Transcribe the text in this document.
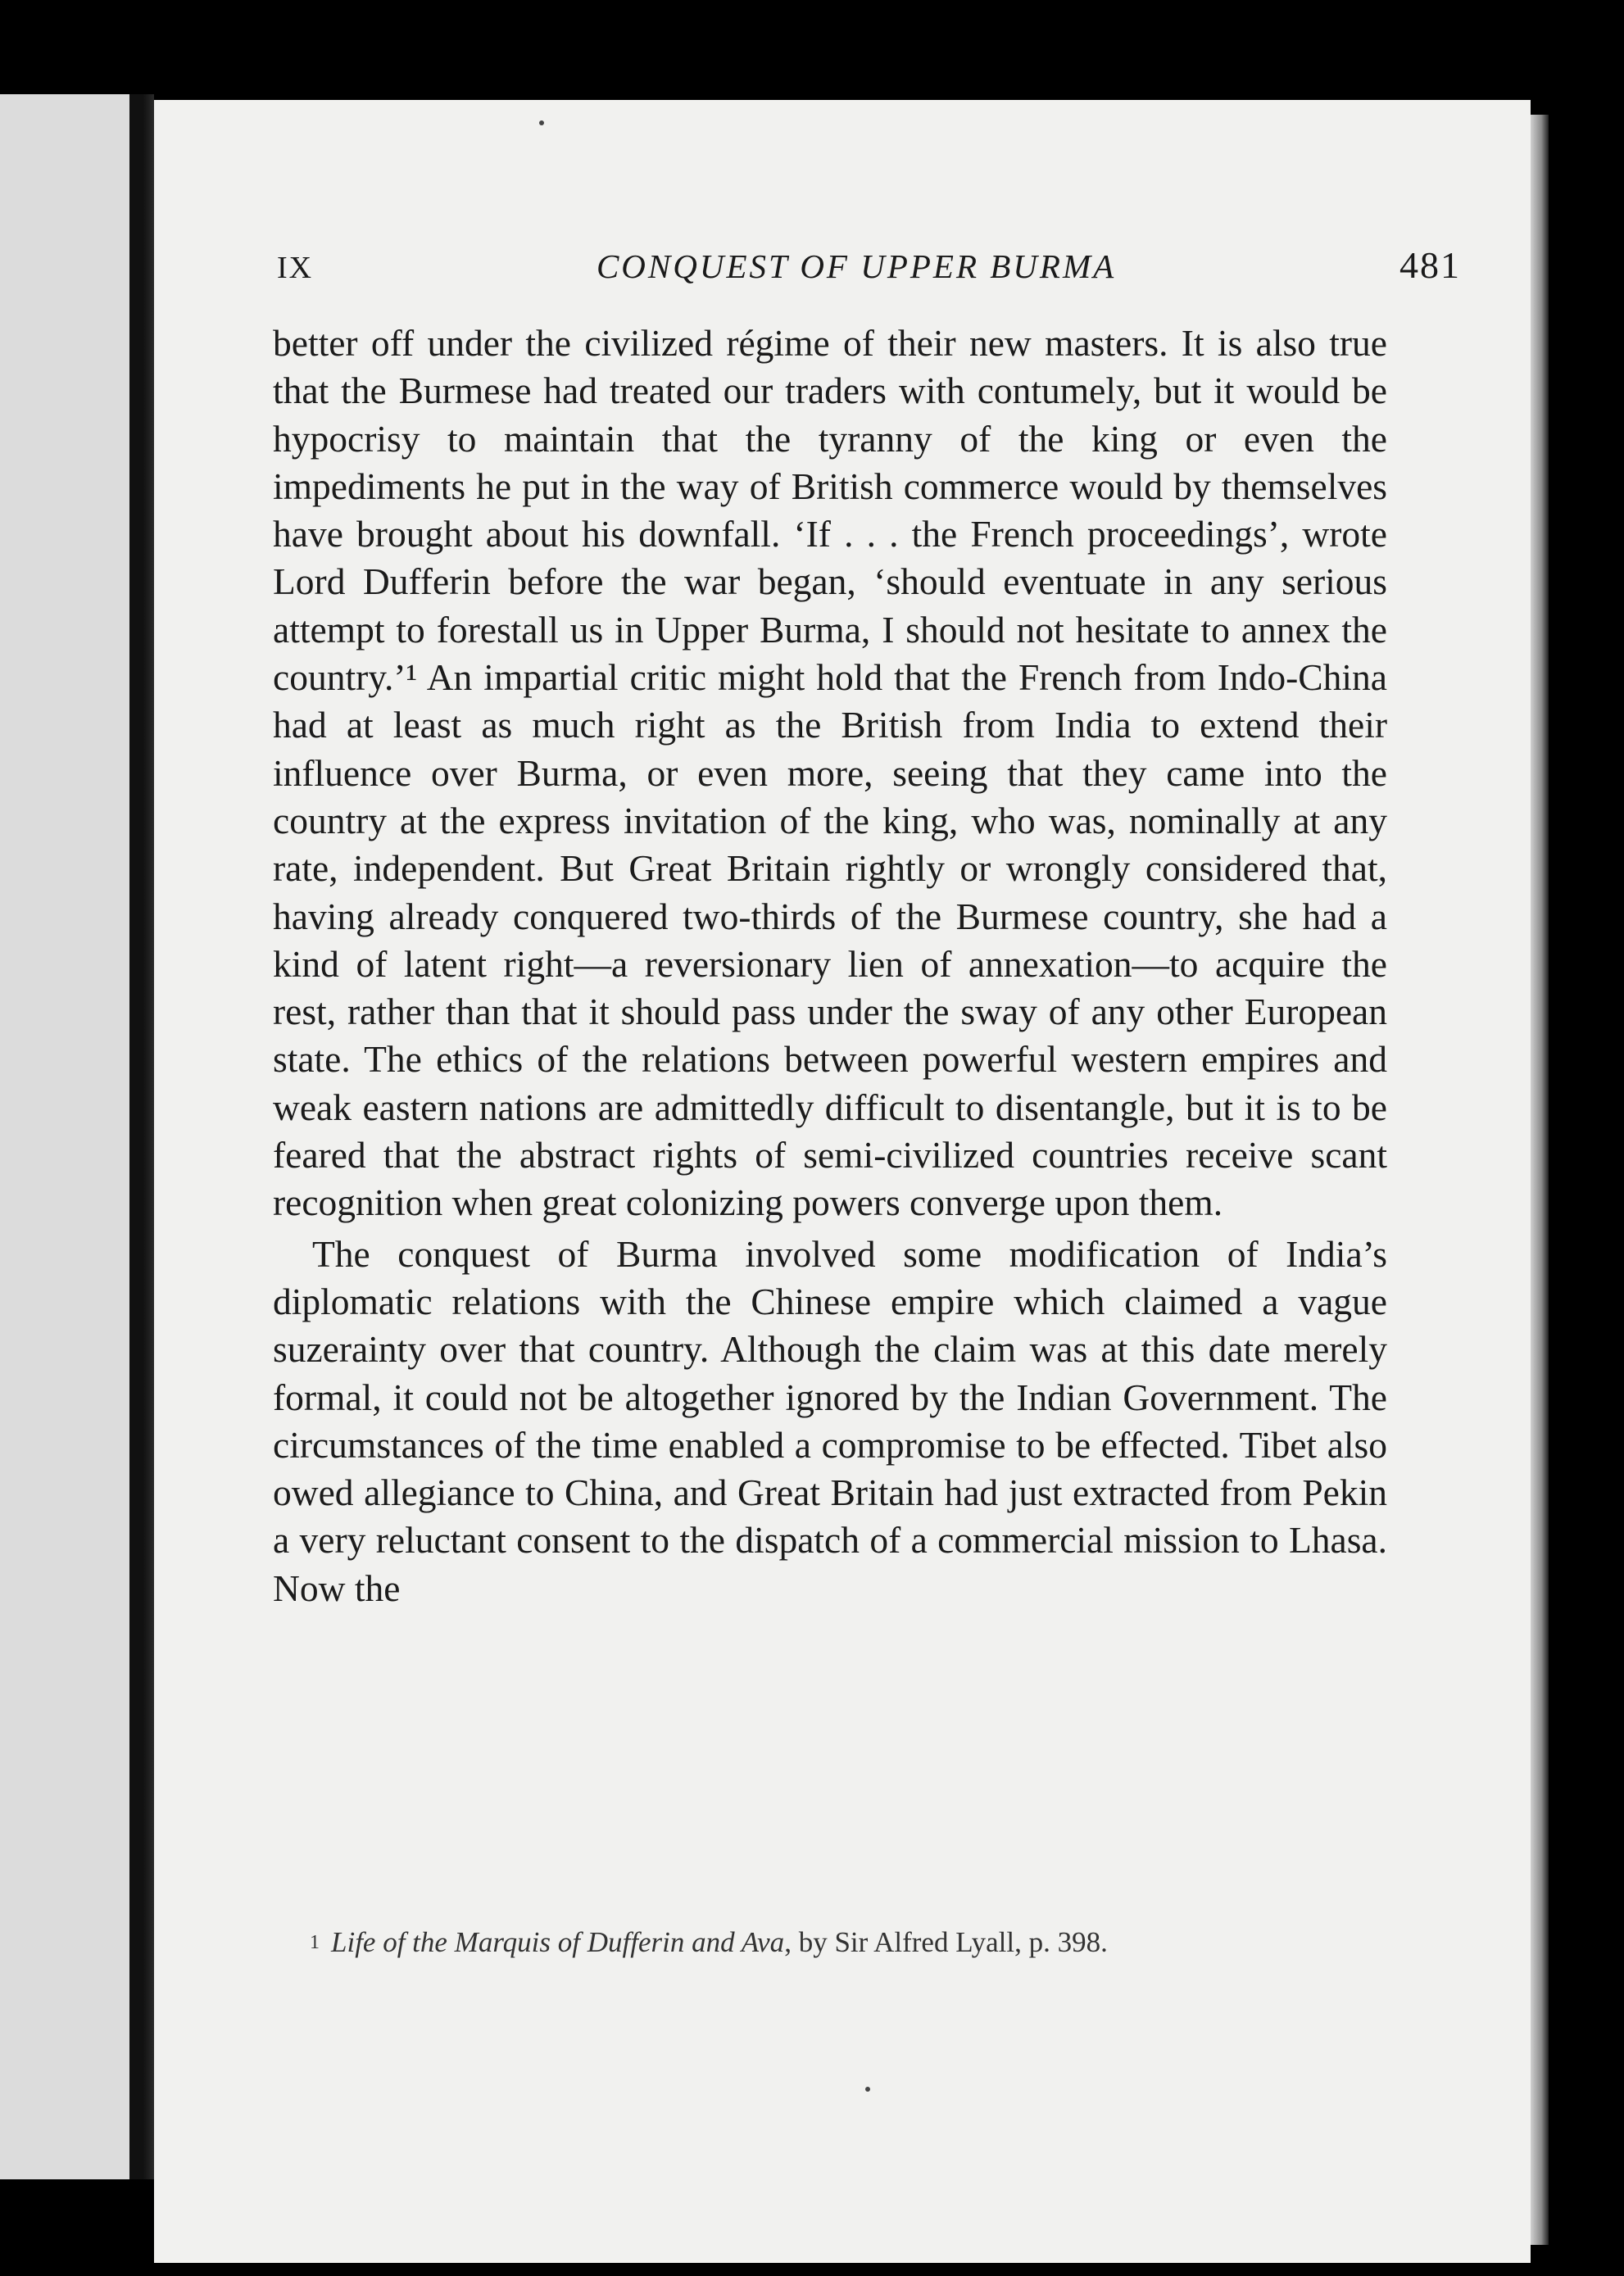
IX	CONQUEST OF UPPER BURMA	481

better off under the civilized régime of their new masters. It is also true that the Burmese had treated our traders with contumely, but it would be hypocrisy to maintain that the tyranny of the king or even the impediments he put in the way of British commerce would by themselves have brought about his downfall. ‘If . . . the French proceedings’, wrote Lord Dufferin before the war began, ‘should eventuate in any serious attempt to forestall us in Upper Burma, I should not hesitate to annex the country.’¹ An impartial critic might hold that the French from Indo-China had at least as much right as the British from India to extend their influence over Burma, or even more, seeing that they came into the country at the express invitation of the king, who was, nominally at any rate, independent. But Great Britain rightly or wrongly considered that, having already conquered two-thirds of the Burmese country, she had a kind of latent right—a reversionary lien of annexation—to acquire the rest, rather than that it should pass under the sway of any other European state. The ethics of the relations between powerful western empires and weak eastern nations are admittedly difficult to disentangle, but it is to be feared that the abstract rights of semi-civilized countries receive scant recognition when great colonizing powers converge upon them.

The conquest of Burma involved some modification of India’s diplomatic relations with the Chinese empire which claimed a vague suzerainty over that country. Although the claim was at this date merely formal, it could not be altogether ignored by the Indian Government. The circumstances of the time enabled a compromise to be effected. Tibet also owed allegiance to China, and Great Britain had just extracted from Pekin a very reluctant consent to the dispatch of a commercial mission to Lhasa. Now the

$^1$ Life of the Marquis of Dufferin and Ava, by Sir Alfred Lyall, p. 398.
